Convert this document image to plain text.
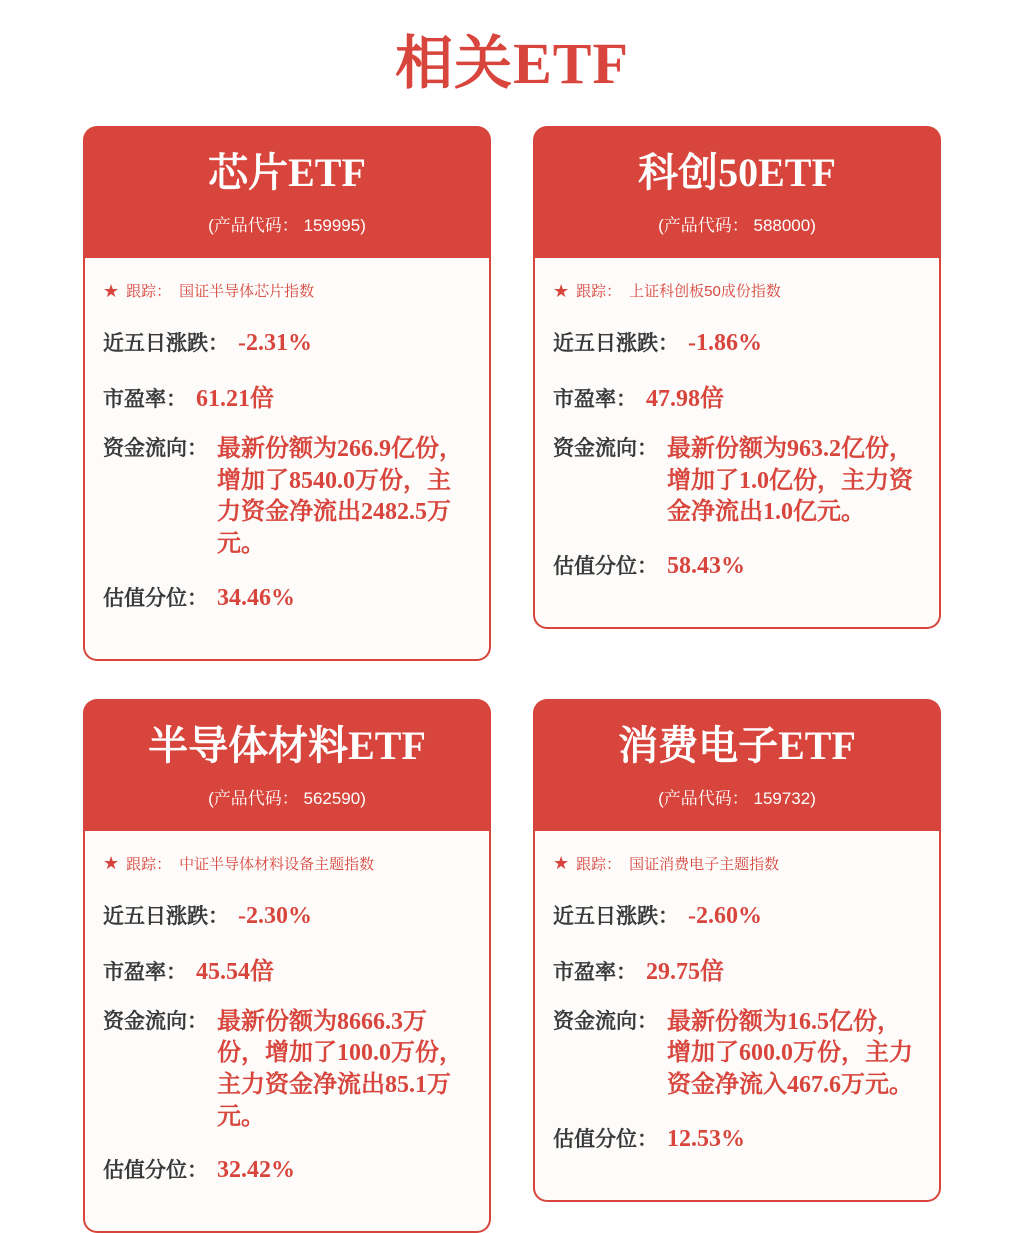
相关ETF
芯片ETF
(产品代码： 159995)
★ 跟踪： 国证半导体芯片指数
近五日涨跌： -2.31%
市盈率： 61.21倍
资金流向： 最新份额为266.9亿份，增加了8540.0万份，主力资金净流出2482.5万元。
估值分位： 34.46%
科创50ETF
(产品代码： 588000)
★ 跟踪： 上证科创板50成份指数
近五日涨跌： -1.86%
市盈率： 47.98倍
资金流向： 最新份额为963.2亿份，增加了1.0亿份，主力资金净流出1.0亿元。
估值分位： 58.43%
半导体材料ETF
(产品代码： 562590)
★ 跟踪： 中证半导体材料设备主题指数
近五日涨跌： -2.30%
市盈率： 45.54倍
资金流向： 最新份额为8666.3万份，增加了100.0万份，主力资金净流出85.1万元。
估值分位： 32.42%
消费电子ETF
(产品代码： 159732)
★ 跟踪： 国证消费电子主题指数
近五日涨跌： -2.60%
市盈率： 29.75倍
资金流向： 最新份额为16.5亿份，增加了600.0万份，主力资金净流入467.6万元。
估值分位： 12.53%
